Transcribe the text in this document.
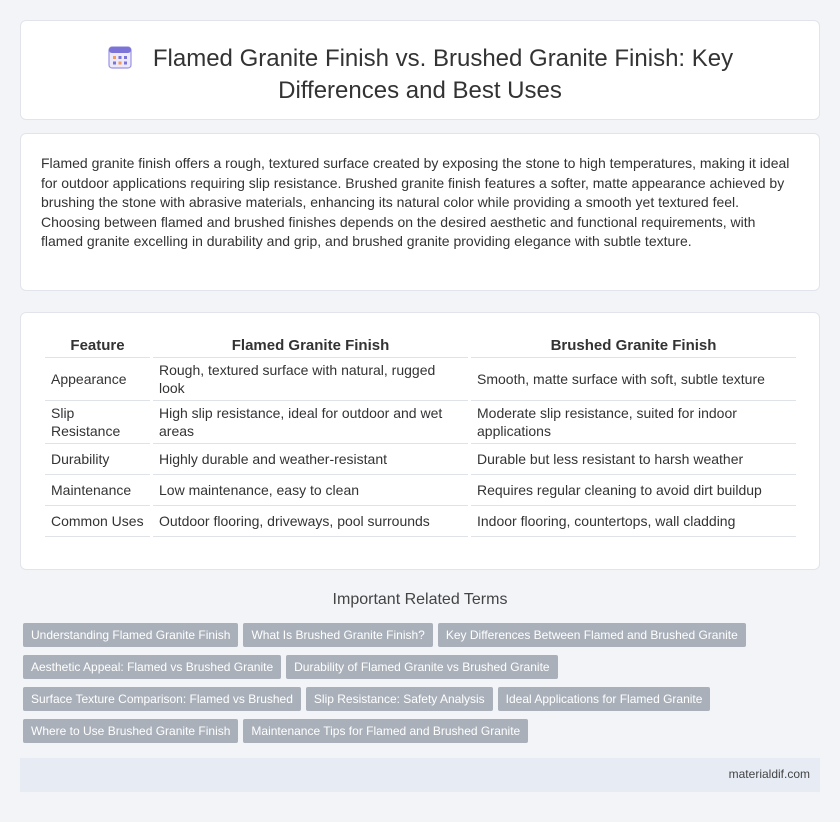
Flamed Granite Finish vs. Brushed Granite Finish: Key Differences and Best Uses

Flamed granite finish offers a rough, textured surface created by exposing the stone to high temperatures, making it ideal for outdoor applications requiring slip resistance. Brushed granite finish features a softer, matte appearance achieved by brushing the stone with abrasive materials, enhancing its natural color while providing a smooth yet textured feel. Choosing between flamed and brushed finishes depends on the desired aesthetic and functional requirements, with flamed granite excelling in durability and grip, and brushed granite providing elegance with subtle texture.

Feature	Flamed Granite Finish	Brushed Granite Finish
Appearance	Rough, textured surface with natural, rugged look	Smooth, matte surface with soft, subtle texture
Slip Resistance	High slip resistance, ideal for outdoor and wet areas	Moderate slip resistance, suited for indoor applications
Durability	Highly durable and weather-resistant	Durable but less resistant to harsh weather
Maintenance	Low maintenance, easy to clean	Requires regular cleaning to avoid dirt buildup
Common Uses	Outdoor flooring, driveways, pool surrounds	Indoor flooring, countertops, wall cladding
Important Related Terms
Understanding Flamed Granite Finish What Is Brushed Granite Finish? Key Differences Between Flamed and Brushed Granite
Aesthetic Appeal: Flamed vs Brushed Granite Durability of Flamed Granite vs Brushed Granite
Surface Texture Comparison: Flamed vs Brushed Slip Resistance: Safety Analysis Ideal Applications for Flamed Granite
Where to Use Brushed Granite Finish Maintenance Tips for Flamed and Brushed Granite
materialdif.com
